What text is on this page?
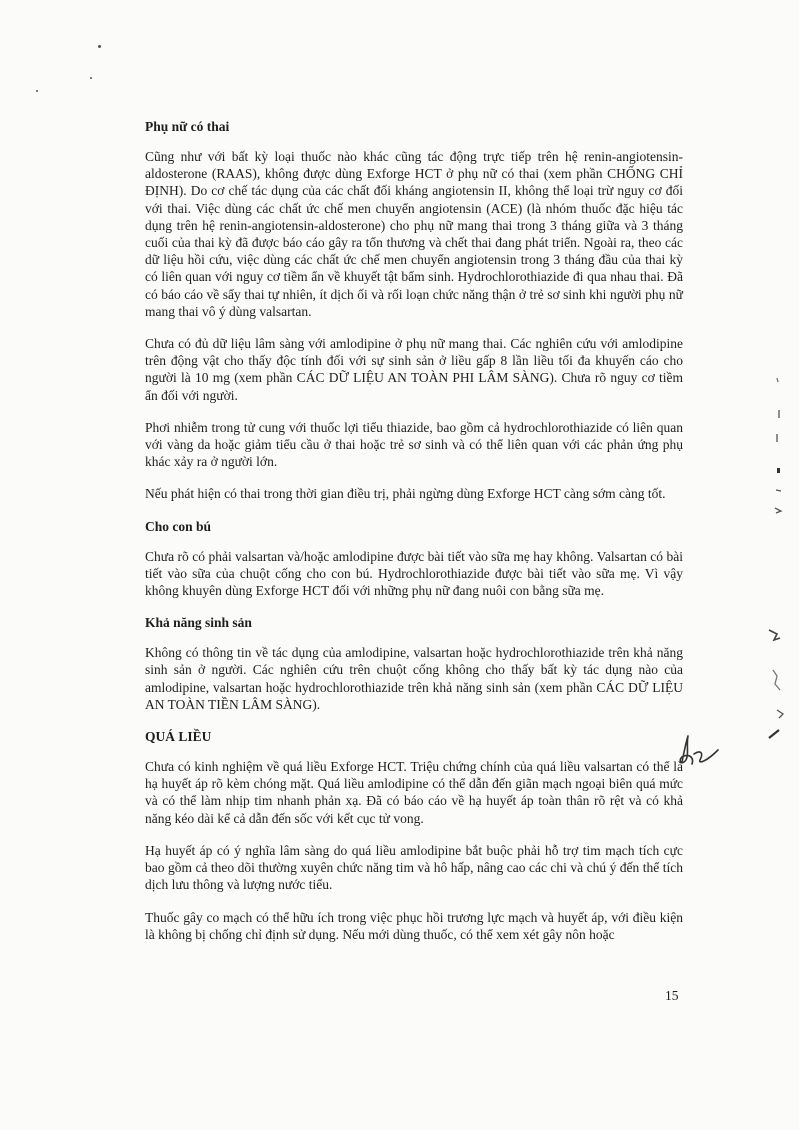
Phụ nữ có thai
Cũng như với bất kỳ loại thuốc nào khác cũng tác động trực tiếp trên hệ renin-angiotensin-aldosterone (RAAS), không được dùng Exforge HCT ở phụ nữ có thai (xem phần CHỐNG CHỈ ĐỊNH). Do cơ chế tác dụng của các chất đối kháng angiotensin II, không thể loại trừ nguy cơ đối với thai. Việc dùng các chất ức chế men chuyển angiotensin (ACE) (là nhóm thuốc đặc hiệu tác dụng trên hệ renin-angiotensin-aldosterone) cho phụ nữ mang thai trong 3 tháng giữa và 3 tháng cuối của thai kỳ đã được báo cáo gây ra tổn thương và chết thai đang phát triển. Ngoài ra, theo các dữ liệu hồi cứu, việc dùng các chất ức chế men chuyển angiotensin trong 3 tháng đầu của thai kỳ có liên quan với nguy cơ tiềm ẩn về khuyết tật bẩm sinh. Hydrochlorothiazide đi qua nhau thai. Đã có báo cáo về sẩy thai tự nhiên, ít dịch ối và rối loạn chức năng thận ở trẻ sơ sinh khi người phụ nữ mang thai vô ý dùng valsartan.
Chưa có đủ dữ liệu lâm sàng với amlodipine ở phụ nữ mang thai. Các nghiên cứu với amlodipine trên động vật cho thấy độc tính đối với sự sinh sản ở liều gấp 8 lần liều tối đa khuyến cáo cho người là 10 mg (xem phần CÁC DỮ LIỆU AN TOÀN PHI LÂM SÀNG). Chưa rõ nguy cơ tiềm ẩn đối với người.
Phơi nhiễm trong tử cung với thuốc lợi tiểu thiazide, bao gồm cả hydrochlorothiazide có liên quan với vàng da hoặc giảm tiểu cầu ở thai hoặc trẻ sơ sinh và có thể liên quan với các phản ứng phụ khác xảy ra ở người lớn.
Nếu phát hiện có thai trong thời gian điều trị, phải ngừng dùng Exforge HCT càng sớm càng tốt.
Cho con bú
Chưa rõ có phải valsartan và/hoặc amlodipine được bài tiết vào sữa mẹ hay không. Valsartan có bài tiết vào sữa của chuột cống cho con bú. Hydrochlorothiazide được bài tiết vào sữa mẹ. Vì vậy không khuyên dùng Exforge HCT đối với những phụ nữ đang nuôi con bằng sữa mẹ.
Khả năng sinh sản
Không có thông tin về tác dụng của amlodipine, valsartan hoặc hydrochlorothiazide trên khả năng sinh sản ở người. Các nghiên cứu trên chuột cống không cho thấy bất kỳ tác dụng nào của amlodipine, valsartan hoặc hydrochlorothiazide trên khả năng sinh sản (xem phần CÁC DỮ LIỆU AN TOÀN TIỀN LÂM SÀNG).
QUÁ LIỀU
Chưa có kinh nghiệm về quá liều Exforge HCT. Triệu chứng chính của quá liều valsartan có thể là hạ huyết áp rõ kèm chóng mặt. Quá liều amlodipine có thể dẫn đến giãn mạch ngoại biên quá mức và có thể làm nhịp tim nhanh phản xạ. Đã có báo cáo về hạ huyết áp toàn thân rõ rệt và có khả năng kéo dài kể cả dẫn đến sốc với kết cục tử vong.
Hạ huyết áp có ý nghĩa lâm sàng do quá liều amlodipine bắt buộc phải hỗ trợ tim mạch tích cực bao gồm cả theo dõi thường xuyên chức năng tim và hô hấp, nâng cao các chi và chú ý đến thể tích dịch lưu thông và lượng nước tiểu.
Thuốc gây co mạch có thể hữu ích trong việc phục hồi trương lực mạch và huyết áp, với điều kiện là không bị chống chỉ định sử dụng. Nếu mới dùng thuốc, có thể xem xét gây nôn hoặc
15
